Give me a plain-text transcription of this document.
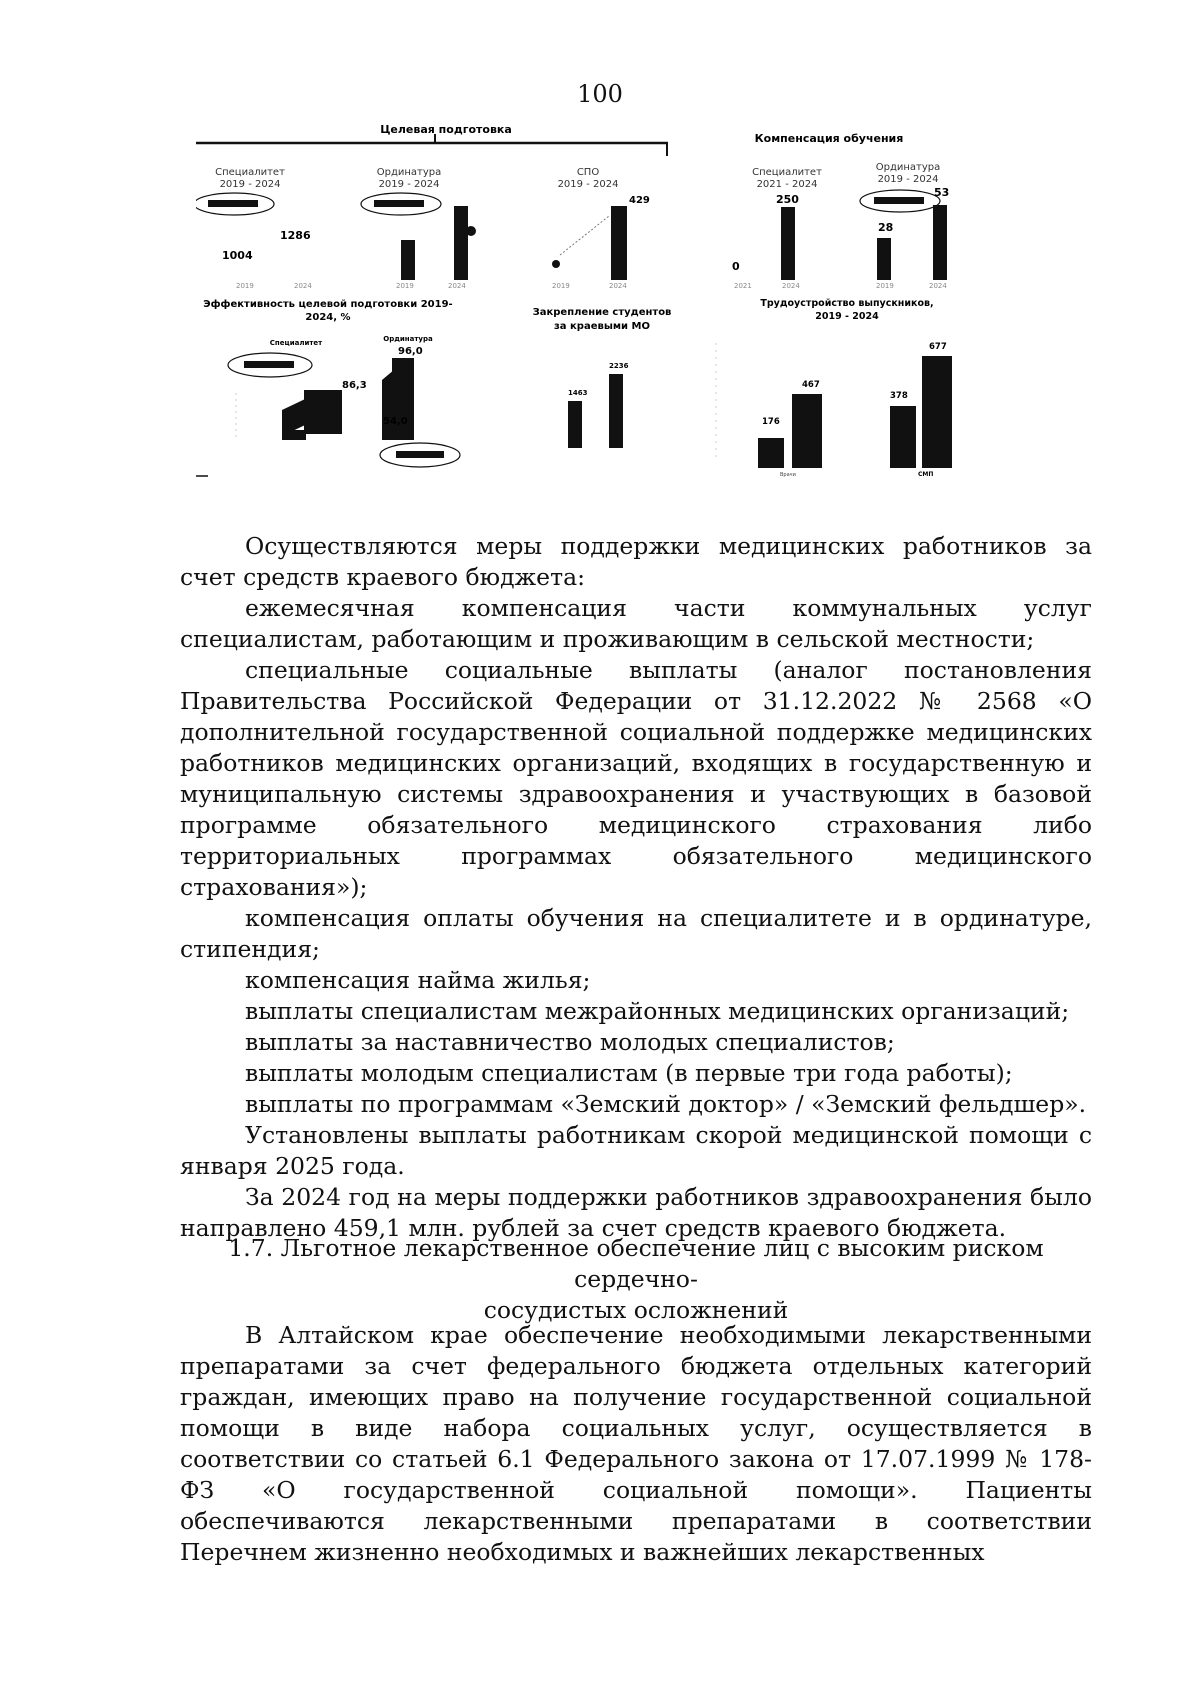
100
Целевая подготовка
Компенсация обучения
Специалитет
2019 - 2024
1004
1286
2019	2024
Ординатура
2019 - 2024
2019	2024
СПО
2019 - 2024
429
2019	2024
Специалитет
2021 - 2024
0
250
2021	2024
Ординатура
2019 - 2024
28
53
2019	2024
Эффективность целевой подготовки 2019-
2024, %
Специалитет	Ординатура
86,3
96,0
54,0
Закрепление студентов
за краевыми МО
1463
2236
Трудоустройство выпускников,
2019 - 2024
176
467
378
677
Врачи	СМП

Осуществляются меры поддержки медицинских работников за счет средств краевого бюджета:

ежемесячная компенсация части коммунальных услуг специалистам, работающим и проживающим в сельской местности;

специальные социальные выплаты (аналог постановления Правительства Российской Федерации от 31.12.2022 № 2568 «О дополнительной государственной социальной поддержке медицинских работников медицинских организаций, входящих в государственную и муниципальную системы здравоохранения и участвующих в базовой программе обязательного медицинского страхования либо территориальных программах обязательного медицинского страхования»);

компенсация оплаты обучения на специалитете и в ординатуре, стипендия;

компенсация найма жилья;

выплаты специалистам межрайонных медицинских организаций;

выплаты за наставничество молодых специалистов;

выплаты молодым специалистам (в первые три года работы);

выплаты по программам «Земский доктор» / «Земский фельдшер».

Установлены выплаты работникам скорой медицинской помощи с января 2025 года.

За 2024 год на меры поддержки работников здравоохранения было направлено 459,1 млн. рублей за счет средств краевого бюджета.

1.7. Льготное лекарственное обеспечение лиц с высоким риском сердечно-

сосудистых осложнений

В Алтайском крае обеспечение необходимыми лекарственными препаратами за счет федерального бюджета отдельных категорий граждан, имеющих право на получение государственной социальной помощи в виде набора социальных услуг, осуществляется в соответствии со статьей 6.1 Федерального закона от 17.07.1999 № 178-ФЗ «О государственной социальной помощи». Пациенты обеспечиваются лекарственными препаратами в соответствии Перечнем жизненно необходимых и важнейших лекарственных
